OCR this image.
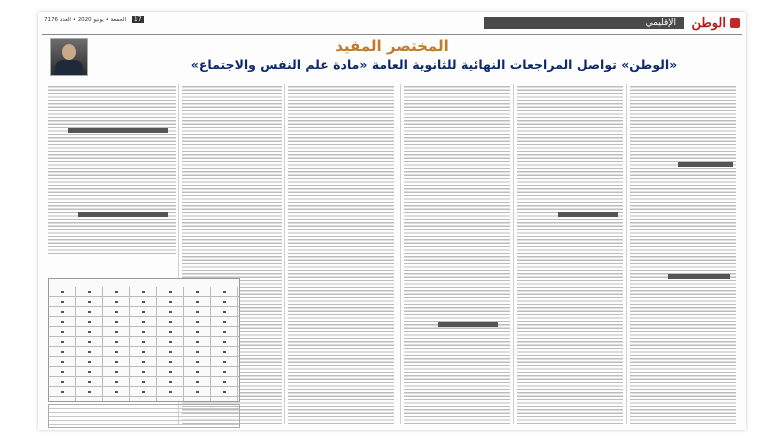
الوطن
الإقليمي
17 الجمعة • يونيو 2020 • العدد 7176
المختصر المفيد
«الوطن» تواصل المراجعات النهائية للثانوية العامة «مادة علم النفس والاجتماع»
